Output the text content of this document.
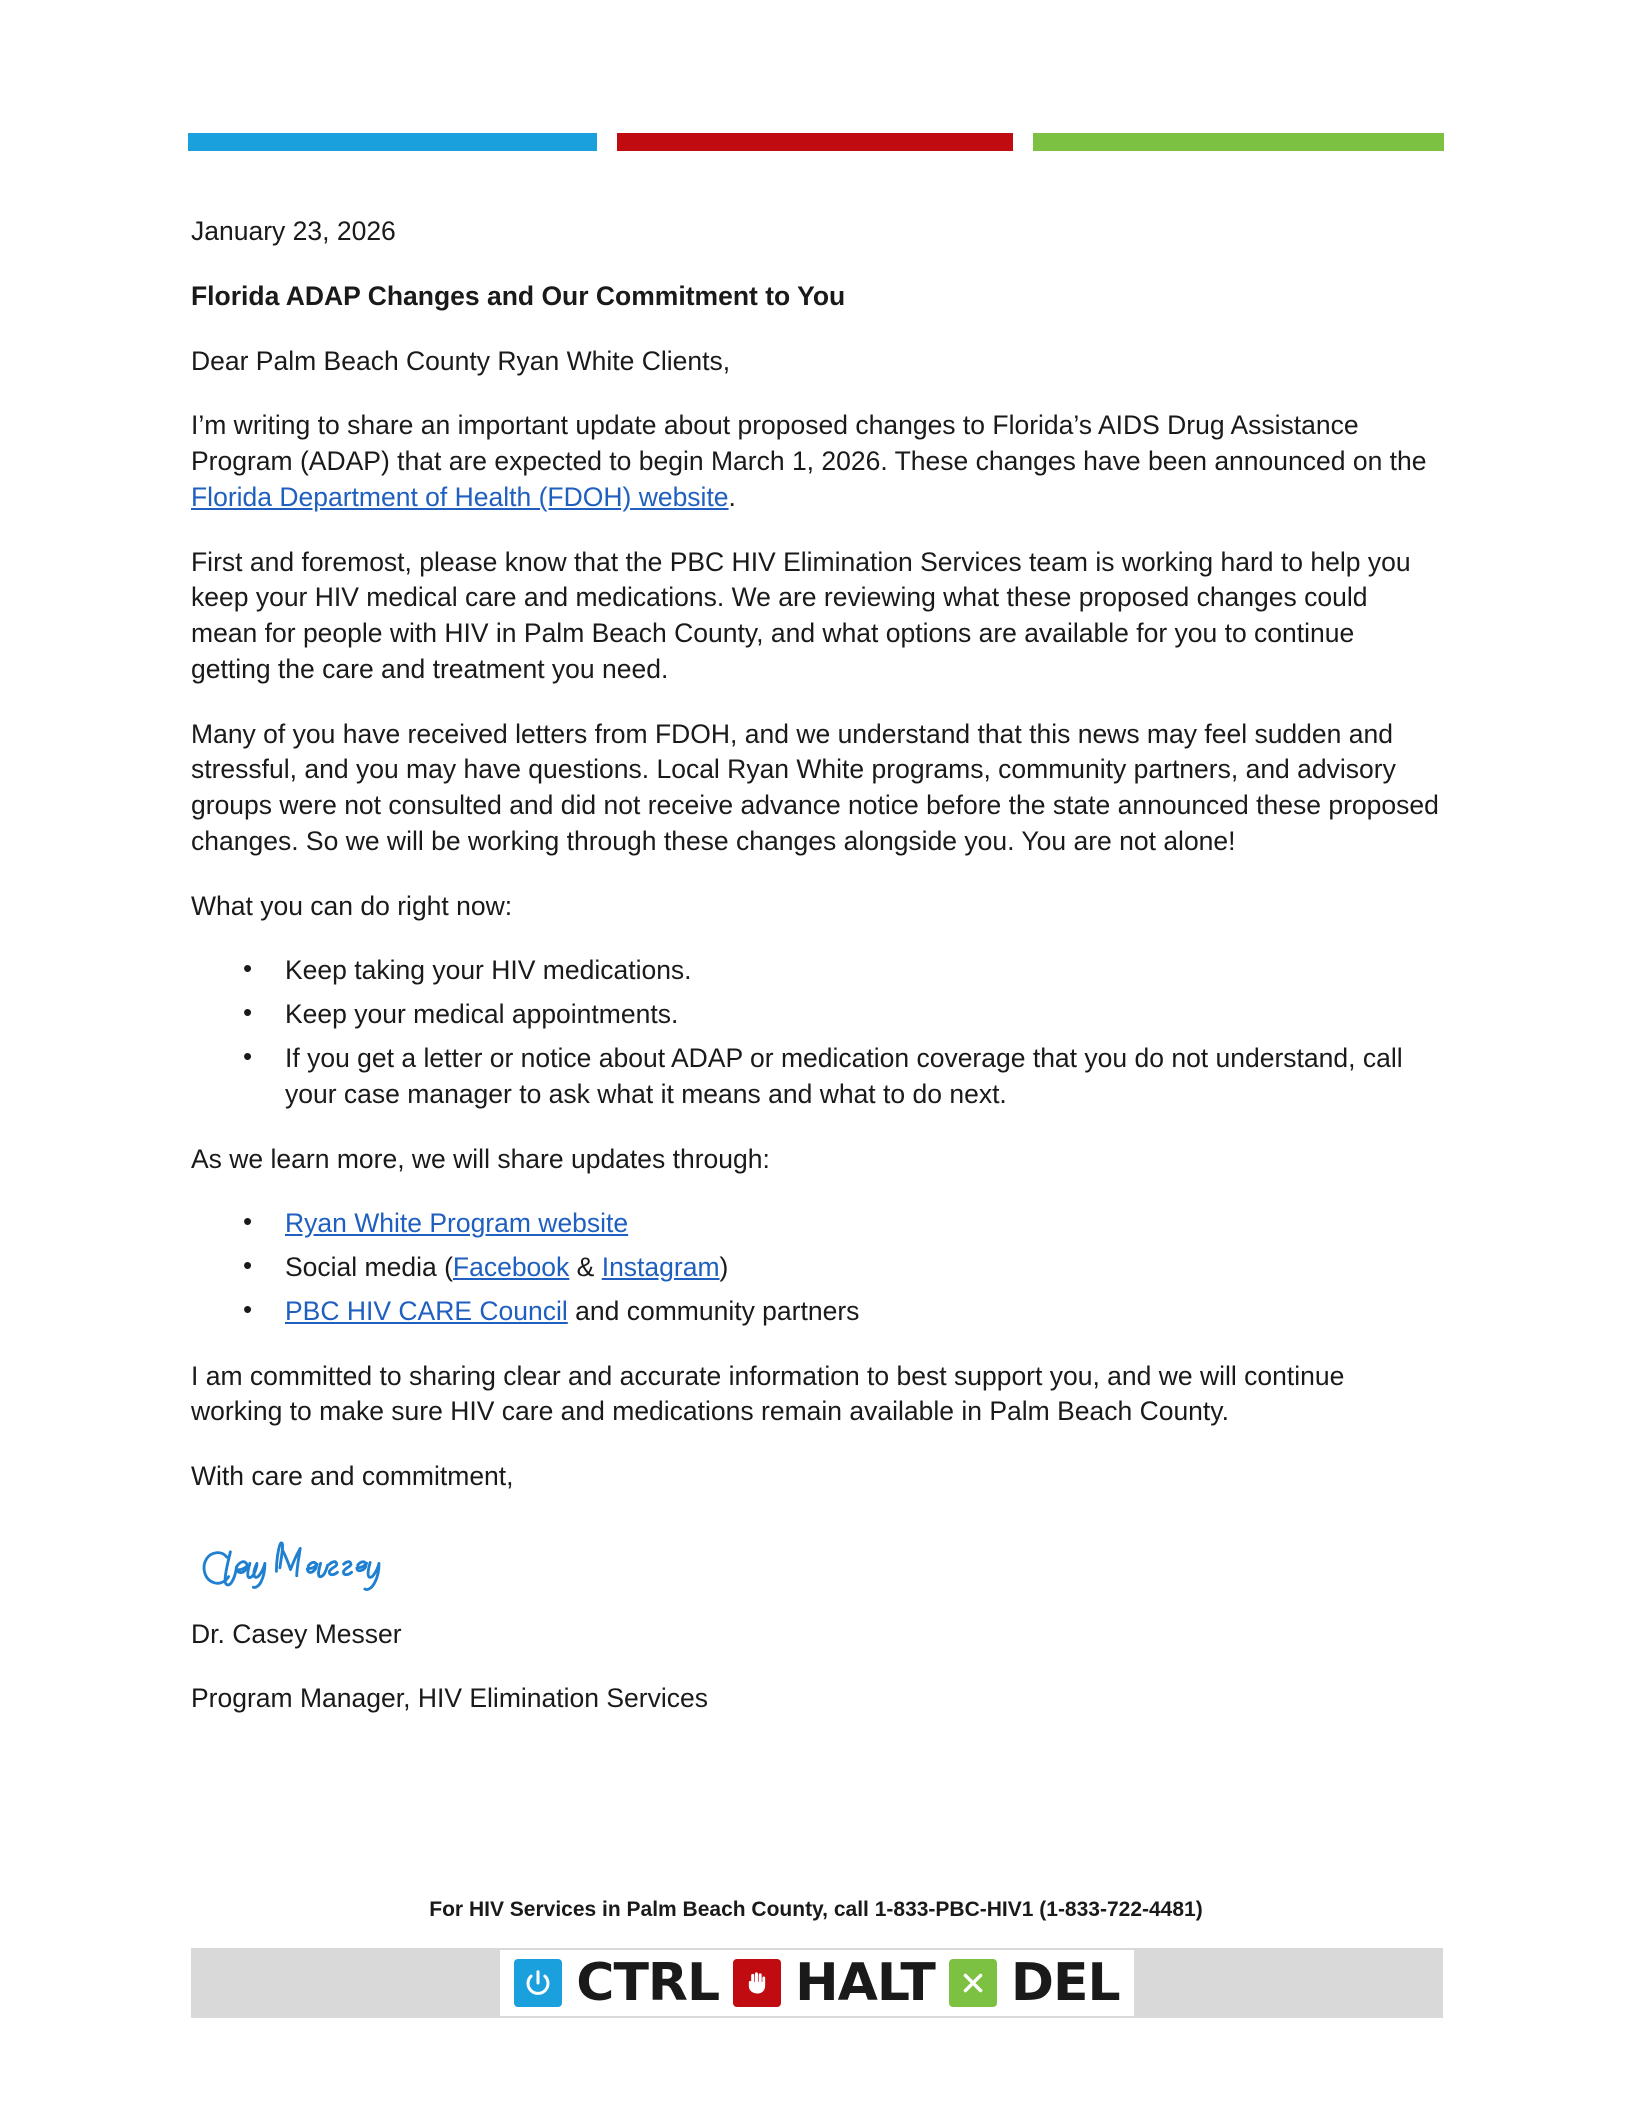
January 23, 2026

Florida ADAP Changes and Our Commitment to You

Dear Palm Beach County Ryan White Clients,

I’m writing to share an important update about proposed changes to Florida’s AIDS Drug Assistance Program (ADAP) that are expected to begin March 1, 2026. These changes have been announced on the Florida Department of Health (FDOH) website.

First and foremost, please know that the PBC HIV Elimination Services team is working hard to help you keep your HIV medical care and medications. We are reviewing what these proposed changes could mean for people with HIV in Palm Beach County, and what options are available for you to continue getting the care and treatment you need.

Many of you have received letters from FDOH, and we understand that this news may feel sudden and stressful, and you may have questions. Local Ryan White programs, community partners, and advisory groups were not consulted and did not receive advance notice before the state announced these proposed changes. So we will be working through these changes alongside you. You are not alone!

What you can do right now:

• Keep taking your HIV medications.
• Keep your medical appointments.
• If you get a letter or notice about ADAP or medication coverage that you do not understand, call your case manager to ask what it means and what to do next.

As we learn more, we will share updates through:

• Ryan White Program website
• Social media (Facebook & Instagram)
• PBC HIV CARE Council and community partners

I am committed to sharing clear and accurate information to best support you, and we will continue working to make sure HIV care and medications remain available in Palm Beach County.

With care and commitment,

Dr. Casey Messer

Program Manager, HIV Elimination Services

For HIV Services in Palm Beach County, call 1-833-PBC-HIV1 (1-833-722-4481)
CTRL HALT DEL
